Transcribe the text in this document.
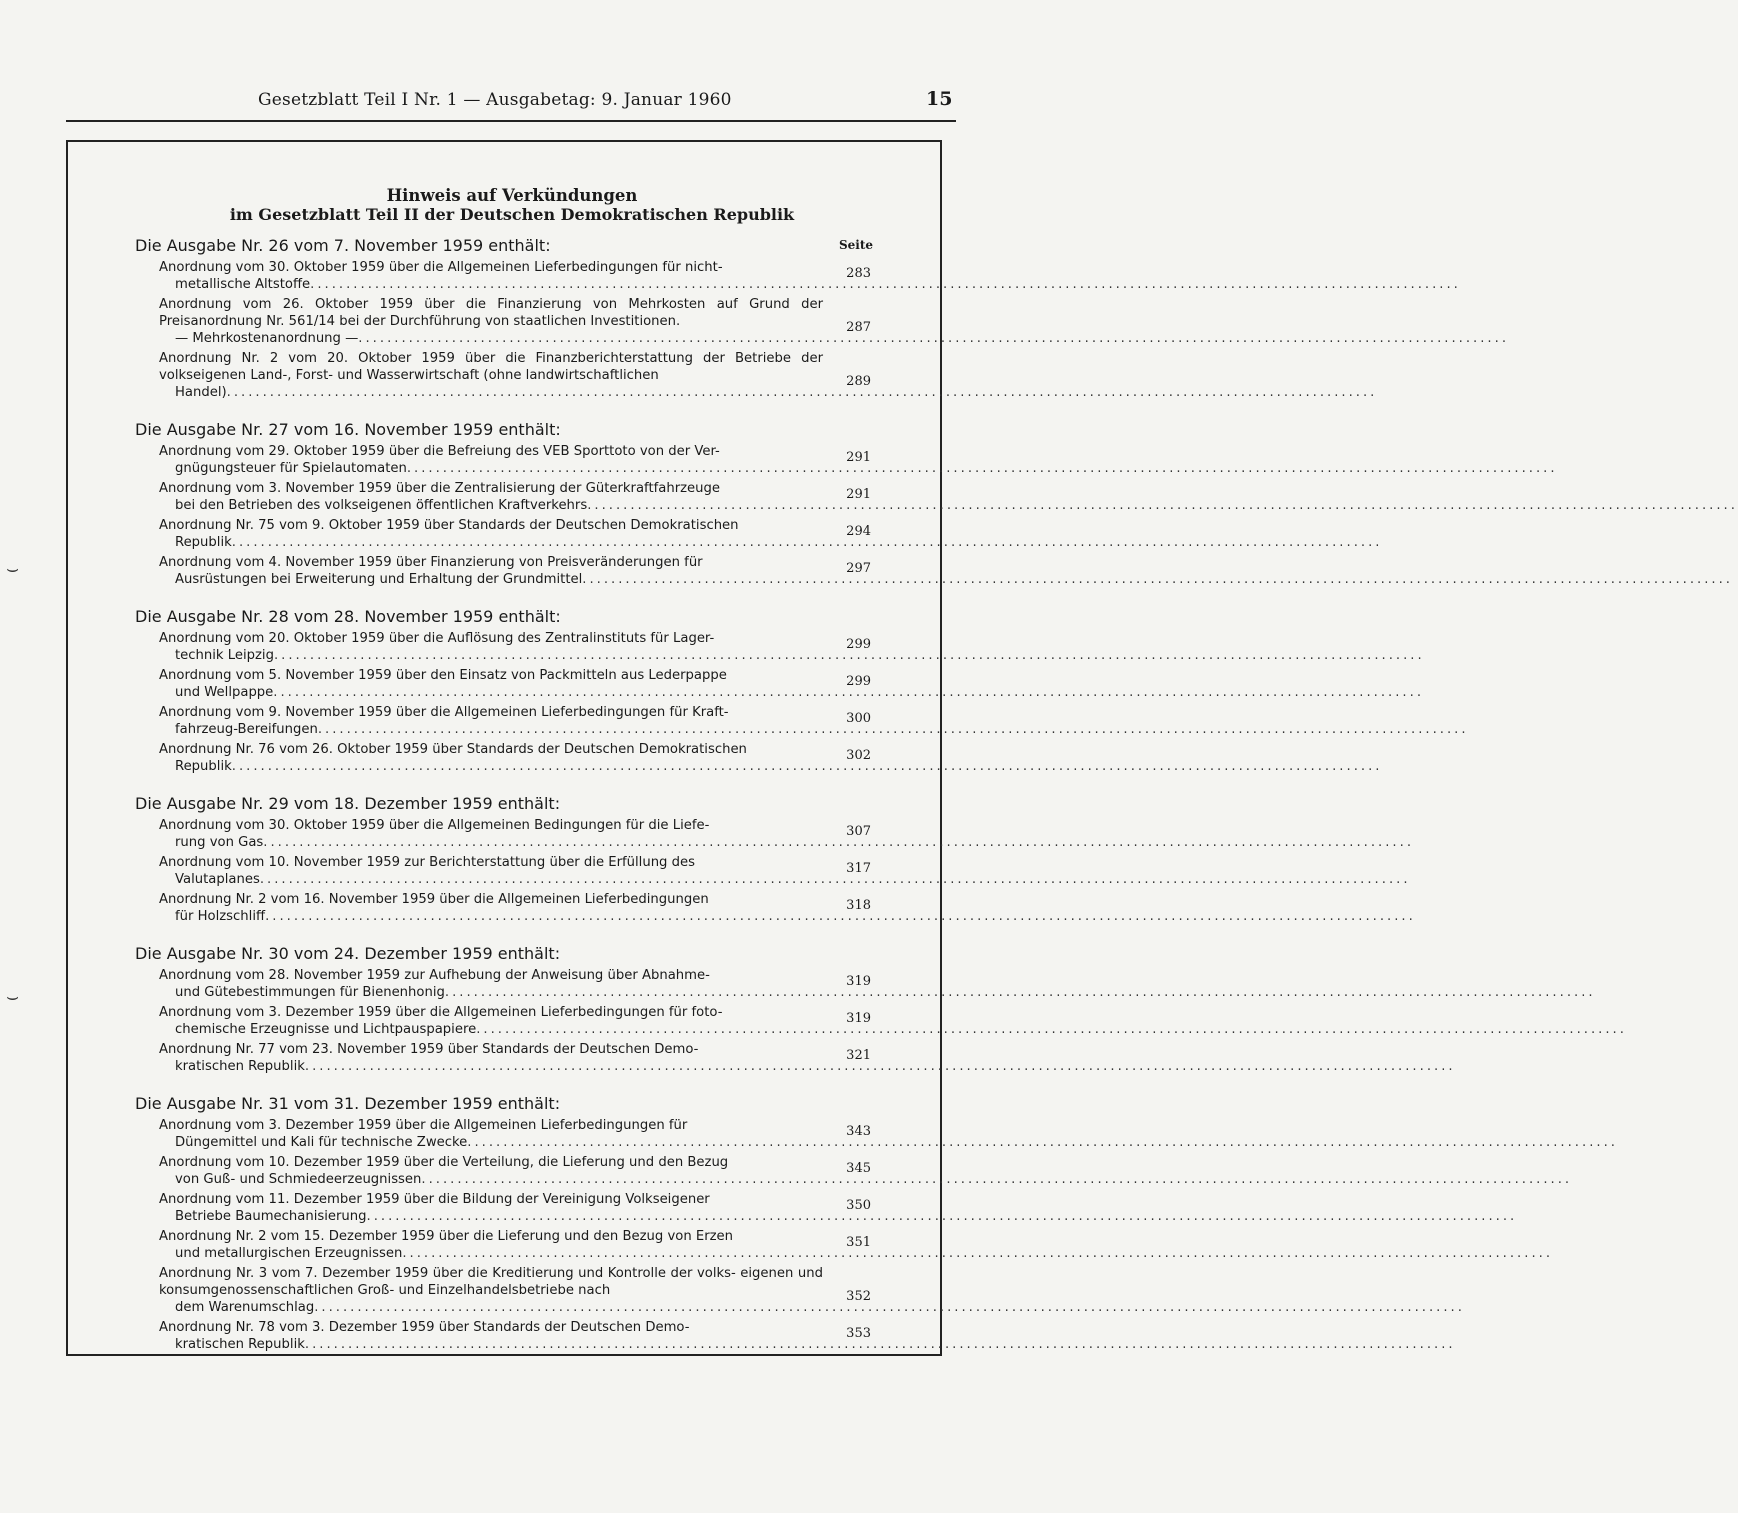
Gesetzblatt Teil I Nr. 1 — Ausgabetag: 9. Januar 1960	15
Hinweis auf Verkündungen
im Gesetzblatt Teil II der Deutschen Demokratischen Republik
Seite
⌣
⌣
Die Ausgabe Nr. 26 vom 7. November 1959 enthält:
Anordnung vom 30. Oktober 1959 über die Allgemeinen Lieferbedingungen für nicht-
metallische Altstoffe ................................................................................................................................................................
283
Anordnung vom 26. Oktober 1959 über die Finanzierung von Mehrkosten auf Grund der Preisanordnung Nr. 561/14 bei der Durchführung von staatlichen Investitionen.
— Mehrkostenanordnung — ................................................................................................................................................................
287
Anordnung Nr. 2 vom 20. Oktober 1959 über die Finanzberichterstattung der Betriebe der volkseigenen Land-, Forst- und Wasserwirtschaft (ohne landwirtschaftlichen
Handel) ................................................................................................................................................................
289
Die Ausgabe Nr. 27 vom 16. November 1959 enthält:
Anordnung vom 29. Oktober 1959 über die Befreiung des VEB Sporttoto von der Ver-
gnügungsteuer für Spielautomaten ................................................................................................................................................................
291
Anordnung vom 3. November 1959 über die Zentralisierung der Güterkraftfahrzeuge
bei den Betrieben des volkseigenen öffentlichen Kraftverkehrs ................................................................................................................................................................
291
Anordnung Nr. 75 vom 9. Oktober 1959 über Standards der Deutschen Demokratischen
Republik ................................................................................................................................................................
294
Anordnung vom 4. November 1959 über Finanzierung von Preisveränderungen für
Ausrüstungen bei Erweiterung und Erhaltung der Grundmittel ................................................................................................................................................................
297
Die Ausgabe Nr. 28 vom 28. November 1959 enthält:
Anordnung vom 20. Oktober 1959 über die Auflösung des Zentralinstituts für Lager-
technik Leipzig ................................................................................................................................................................
299
Anordnung vom 5. November 1959 über den Einsatz von Packmitteln aus Lederpappe
und Wellpappe ................................................................................................................................................................
299
Anordnung vom 9. November 1959 über die Allgemeinen Lieferbedingungen für Kraft-
fahrzeug-Bereifungen ................................................................................................................................................................
300
Anordnung Nr. 76 vom 26. Oktober 1959 über Standards der Deutschen Demokratischen
Republik ................................................................................................................................................................
302
Die Ausgabe Nr. 29 vom 18. Dezember 1959 enthält:
Anordnung vom 30. Oktober 1959 über die Allgemeinen Bedingungen für die Liefe-
rung von Gas ................................................................................................................................................................
307
Anordnung vom 10. November 1959 zur Berichterstattung über die Erfüllung des
Valutaplanes ................................................................................................................................................................
317
Anordnung Nr. 2 vom 16. November 1959 über die Allgemeinen Lieferbedingungen
für Holzschliff ................................................................................................................................................................
318
Die Ausgabe Nr. 30 vom 24. Dezember 1959 enthält:
Anordnung vom 28. November 1959 zur Aufhebung der Anweisung über Abnahme-
und Gütebestimmungen für Bienenhonig ................................................................................................................................................................
319
Anordnung vom 3. Dezember 1959 über die Allgemeinen Lieferbedingungen für foto-
chemische Erzeugnisse und Lichtpauspapiere ................................................................................................................................................................
319
Anordnung Nr. 77 vom 23. November 1959 über Standards der Deutschen Demo-
kratischen Republik ................................................................................................................................................................
321
Die Ausgabe Nr. 31 vom 31. Dezember 1959 enthält:
Anordnung vom 3. Dezember 1959 über die Allgemeinen Lieferbedingungen für
Düngemittel und Kali für technische Zwecke ................................................................................................................................................................
343
Anordnung vom 10. Dezember 1959 über die Verteilung, die Lieferung und den Bezug
von Guß- und Schmiedeerzeugnissen ................................................................................................................................................................
345
Anordnung vom 11. Dezember 1959 über die Bildung der Vereinigung Volkseigener
Betriebe Baumechanisierung ................................................................................................................................................................
350
Anordnung Nr. 2 vom 15. Dezember 1959 über die Lieferung und den Bezug von Erzen
und metallurgischen Erzeugnissen ................................................................................................................................................................
351
Anordnung Nr. 3 vom 7. Dezember 1959 über die Kreditierung und Kontrolle der volks- eigenen und konsumgenossenschaftlichen Groß- und Einzelhandelsbetriebe nach
dem Warenumschlag ................................................................................................................................................................
352
Anordnung Nr. 78 vom 3. Dezember 1959 über Standards der Deutschen Demo-
kratischen Republik ................................................................................................................................................................
353
